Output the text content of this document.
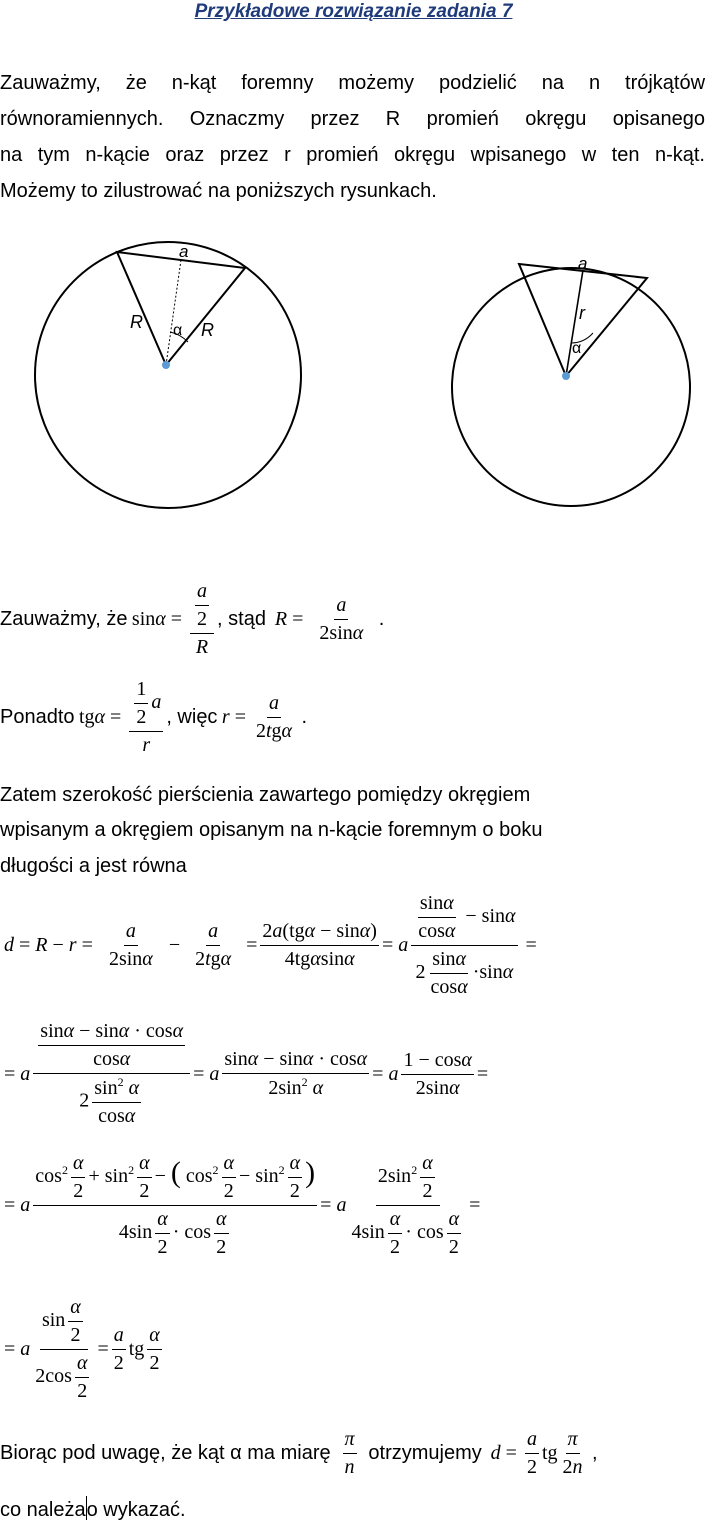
Przykładowe rozwiązanie zadania 7
Zauważmy, że n-kąt foremny możemy podzielić na n trójkątów
równoramiennych. Oznaczmy przez R promień okręgu opisanego
na tym n-kącie oraz przez r promień okręgu wpisanego w ten n-kąt.
Możemy to zilustrować na poniższych rysunkach.
a
R	R
α
a
r
α
Zauważmy, że
$\sin \alpha = \frac{\frac{a}{2}}{R}$ , stąd
$R = \frac{a}{2\sin\alpha}$
.
Ponadto
tg $\alpha = \frac{\frac{1}{2} a}{r}$ , więc
$r = \frac{a}{\text{2tgα}}$
.
Zatem szerokość pierścienia zawartego pomiędzy okręgiem
wpisanym a okręgiem opisanym na n-kącie foremnym o boku
długości a jest równa
$d = R - r = \frac{a}{2\sin\alpha} - \frac{a}{\text{2tgα}} = \frac{\text{2a(tgα − sinα)}}{\text{4tgαsinα}} = a \frac{\frac{\sin\alpha}{\cos\alpha} - \sin\alpha}{2 \frac{\sin\alpha}{\cos\alpha} \cdot\sin\alpha}$ =
= a $\frac{\frac{\sin\alpha - \sin\alpha \cdot \cos\alpha}{\cos\alpha}}{2 \frac{\sin^2 \alpha}{\cos\alpha}} = a \frac{\sin\alpha - \sin\alpha \cdot \cos\alpha}{2\sin^2 \alpha} = a \frac{1 - \cos\alpha}{2\sin\alpha}$ =
= a $\frac{\cos^2 \frac{\alpha}{2} + \sin^2 \frac{\alpha}{2} - ( \cos^2 \frac{\alpha}{2} - \sin^2 \frac{\alpha}{2} )}{4\sin \frac{\alpha}{2} \cdot \cos \frac{\alpha}{2}} = a \frac{2\sin^2 \frac{\alpha}{2}}{4\sin \frac{\alpha}{2} \cdot \cos \frac{\alpha}{2}}$ =
= a $\frac{\sin \frac{\alpha}{2}}{2\cos \frac{\alpha}{2}} = \frac{a}{2}$ tg $\frac{\alpha}{2}$
Biorąc pod uwagę, że kąt α ma miarę
$\frac{\pi}{n}$
otrzymujemy
$d = \frac{a}{2}$ tg $\frac{\pi}{2n}$
,
co należao wykazać.
